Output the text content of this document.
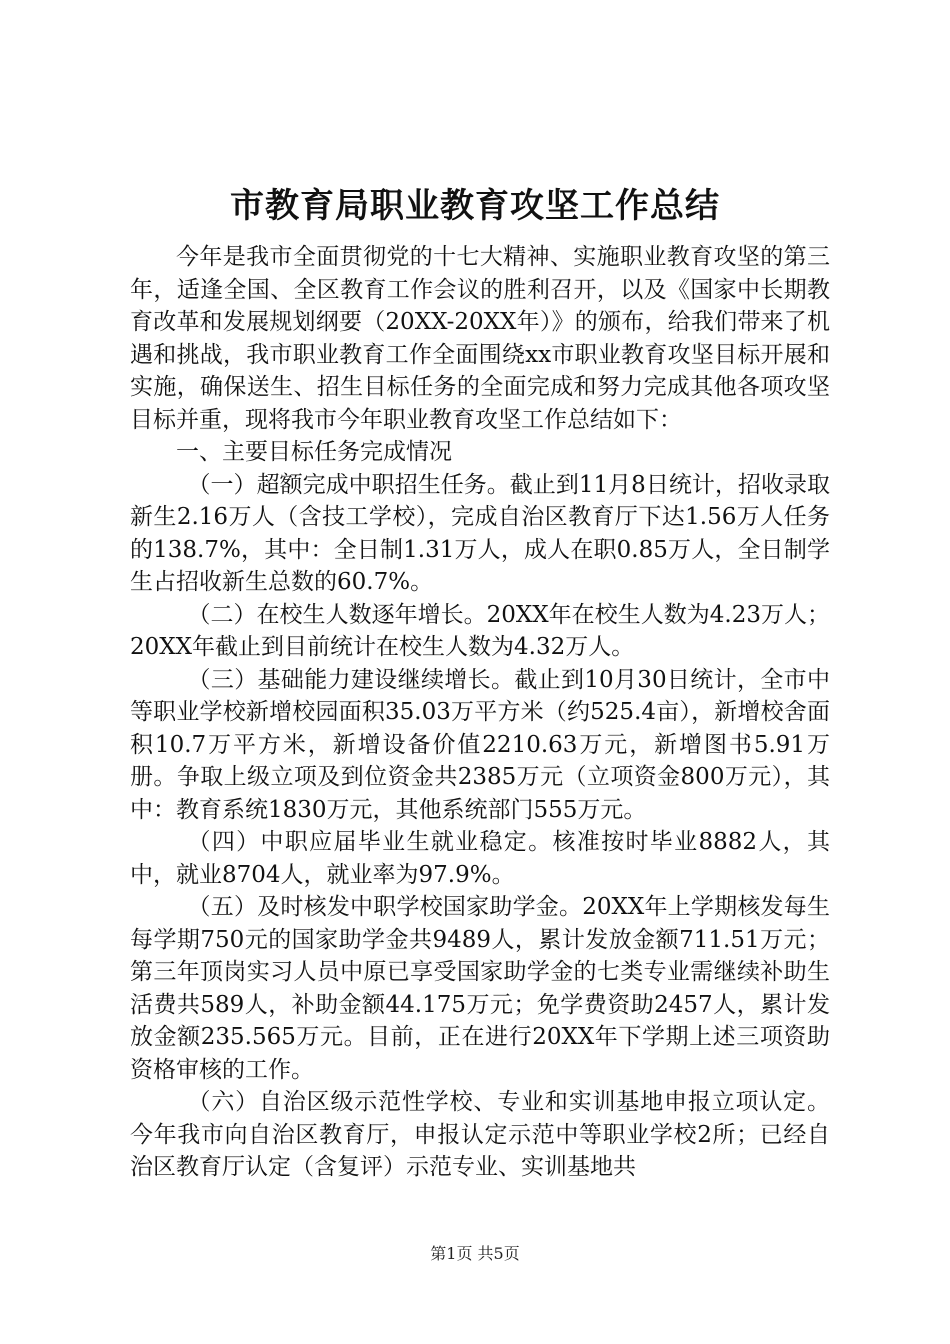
市教育局职业教育攻坚工作总结

今年是我市全面贯彻党的十七大精神、实施职业教育攻坚的第三年，适逢全国、全区教育工作会议的胜利召开，以及《国家中长期教育改革和发展规划纲要（20XX-20XX年）》的颁布，给我们带来了机遇和挑战，我市职业教育工作全面围绕xx市职业教育攻坚目标开展和实施，确保送生、招生目标任务的全面完成和努力完成其他各项攻坚目标并重，现将我市今年职业教育攻坚工作总结如下：

一、主要目标任务完成情况

（一）超额完成中职招生任务。截止到11月8日统计，招收录取新生2.16万人（含技工学校），完成自治区教育厅下达1.56万人任务的138.7%，其中：全日制1.31万人，成人在职0.85万人，全日制学生占招收新生总数的60.7%。

（二）在校生人数逐年增长。20XX年在校生人数为4.23万人；20XX年截止到目前统计在校生人数为4.32万人。

（三）基础能力建设继续增长。截止到10月30日统计，全市中等职业学校新增校园面积35.03万平方米（约525.4亩），新增校舍面积10.7万平方米，新增设备价值2210.63万元，新增图书5.91万册。争取上级立项及到位资金共2385万元（立项资金800万元），其中：教育系统1830万元，其他系统部门555万元。

（四）中职应届毕业生就业稳定。核准按时毕业8882人，其中，就业8704人，就业率为97.9%。

（五）及时核发中职学校国家助学金。20XX年上学期核发每生每学期750元的国家助学金共9489人，累计发放金额711.51万元；第三年顶岗实习人员中原已享受国家助学金的七类专业需继续补助生活费共589人，补助金额44.175万元；免学费资助2457人，累计发放金额235.565万元。目前，正在进行20XX年下学期上述三项资助资格审核的工作。

（六）自治区级示范性学校、专业和实训基地申报立项认定。今年我市向自治区教育厅，申报认定示范中等职业学校2所；已经自治区教育厅认定（含复评）示范专业、实训基地共

第1页 共5页
